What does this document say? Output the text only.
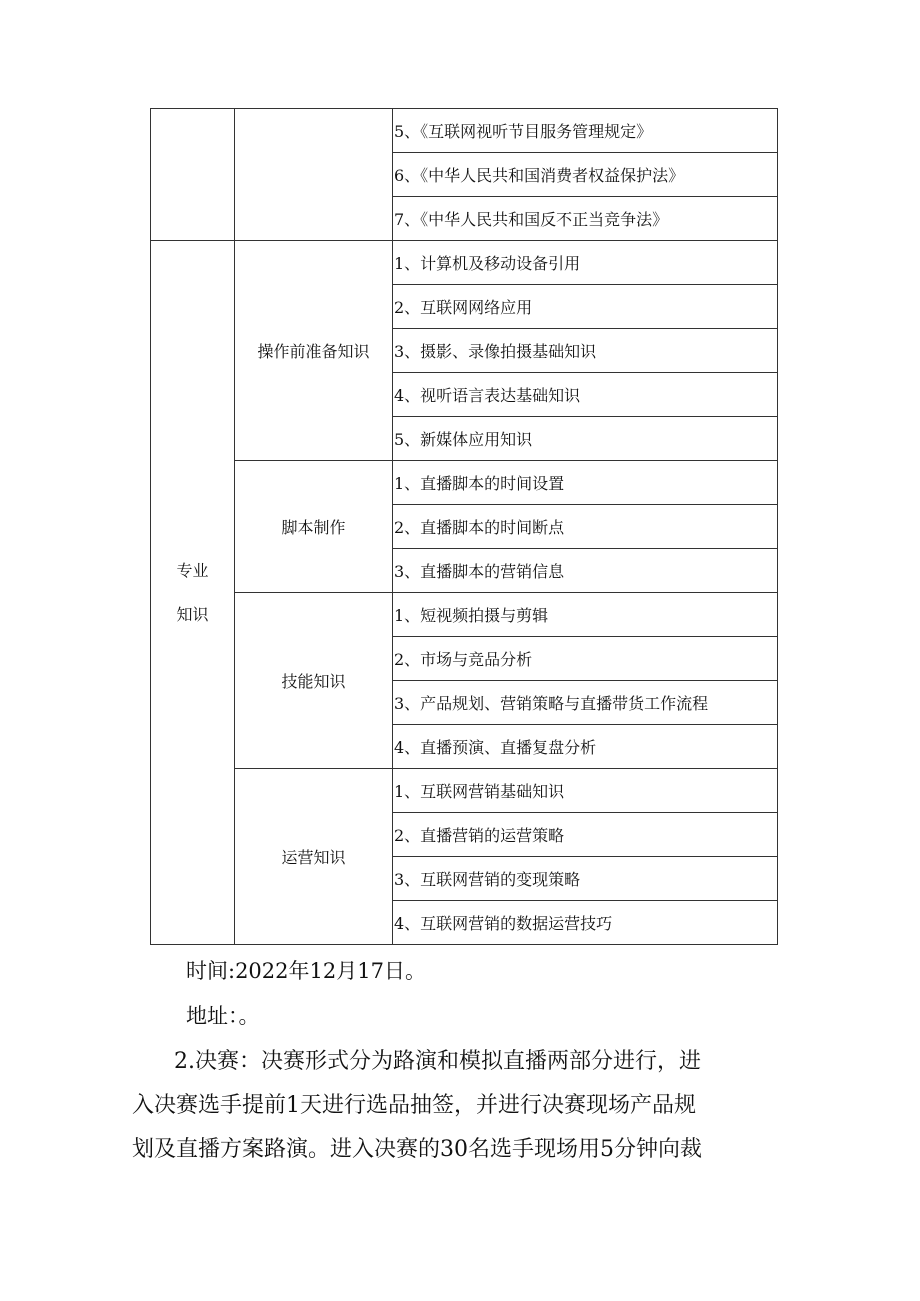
		5、《互联网视听节目服务管理规定》
		6、《中华人民共和国消费者权益保护法》
		7、《中华人民共和国反不正当竞争法》

专业
知识	操作前准备知识	1、计算机及移动设备引用
		2、互联网网络应用
		3、摄影、录像拍摄基础知识
		4、视听语言表达基础知识
		5、新媒体应用知识
	脚本制作	1、直播脚本的时间设置
		2、直播脚本的时间断点
		3、直播脚本的营销信息
	技能知识	1、短视频拍摄与剪辑
		2、市场与竞品分析
		3、产品规划、营销策略与直播带货工作流程
		4、直播预演、直播复盘分析
	运营知识	1、互联网营销基础知识
		2、直播营销的运营策略
		3、互联网营销的变现策略
		4、互联网营销的数据运营技巧
时间:2022年12月17日。
地址：。
2.决赛：决赛形式分为路演和模拟直播两部分进行，进
入决赛选手提前1天进行选品抽签，并进行决赛现场产品规
划及直播方案路演。进入决赛的30名选手现场用5分钟向裁
